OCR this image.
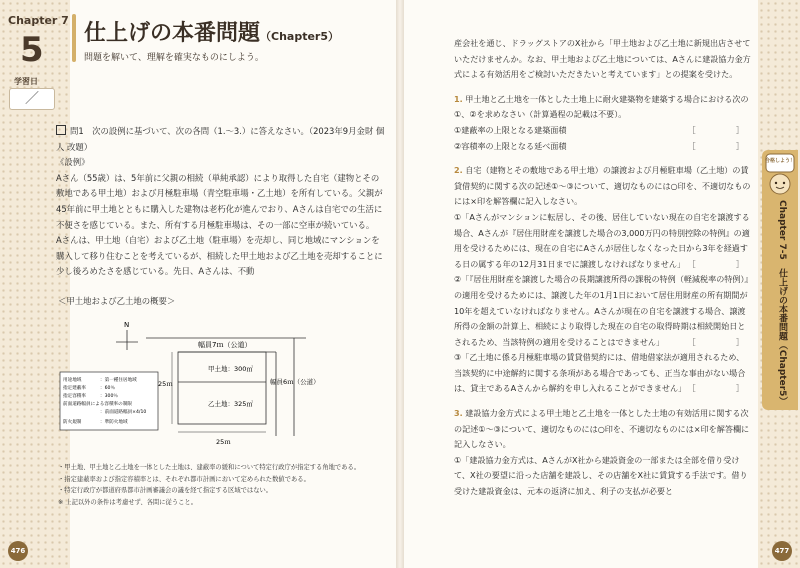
Chapter 7
5
学習日
／
仕上げの本番問題（Chapter5）
問題を解いて、理解を確実なものにしよう。

問1　次の設例に基づいて、次の各問（1.〜3.）に答えなさい。（2023年9月金財 個人 改題）

《設例》

Aさん（55歳）は、5年前に父親の相続（単純承認）により取得した自宅（建物とその敷地である甲土地）および月極駐車場（青空駐車場・乙土地）を所有している。父親が45年前に甲土地とともに購入した建物は老朽化が進んでおり、Aさんは自宅での生活に不便さを感じている。また、所有する月極駐車場は、その一部に空車が続いている。

Aさんは、甲土地（自宅）および乙土地（駐車場）を売却し、同じ地域にマンションを購入して移り住むことを考えているが、相続した甲土地および乙土地を売却することに少し後ろめたさを感じている。先日、Aさんは、不動

＜甲土地および乙土地の概要＞
N
幅員7ｍ（公道）
幅員6ｍ（公道）
甲土地：300㎡
乙土地：325㎡
25ｍ
25ｍ
用途地域	：第一種住居地域
指定建蔽率	：60％
指定容積率	：300％
前面道路幅員による容積率の制限
：前面道路幅員×4/10
防火規制	：準防火地域

・甲土地、甲土地と乙土地を一体とした土地は、建蔽率の緩和について特定行政庁が指定する角地である。

・指定建蔽率および指定容積率とは、それぞれ都市計画において定められた数値である。

・特定行政庁が都道府県都市計画審議会の議を経て指定する区域ではない。

※ 上記以外の条件は考慮せず、各問に従うこと。

476

産会社を通じ、ドラッグストアのX社から「甲土地および乙土地に新規出店させていただけませんか。なお、甲土地および乙土地については、Aさんに建設協力金方式による有効活用をご検討いただきたいと考えています」との提案を受けた。

1. 甲土地と乙土地を一体とした土地上に耐火建築物を建築する場合における次の①、②を求めなさい（計算過程の記載は不要）。

①建蔽率の上限となる建築面積	［　　］

②容積率の上限となる延べ面積	［　　］

2. 自宅（建物とその敷地である甲土地）の譲渡および月極駐車場（乙土地）の賃貸借契約に関する次の記述①〜③について、適切なものには○印を、不適切なものには×印を解答欄に記入しなさい。

①「Aさんがマンションに転居し、その後、居住していない現在の自宅を譲渡する場合、Aさんが『居住用財産を譲渡した場合の3,000万円の特別控除の特例』の適用を受けるためには、現在の自宅にAさんが居住しなくなった日から3年を経過する日の属する年の12月31日までに譲渡しなければなりません」 ［　　］

②「『居住用財産を譲渡した場合の長期譲渡所得の課税の特例（軽減税率の特例）』の適用を受けるためには、譲渡した年の1月1日において居住用財産の所有期間が10年を超えていなければなりません。Aさんが現在の自宅を譲渡する場合、譲渡所得の金額の計算上、相続により取得した現在の自宅の取得時期は相続開始日とされるため、当該特例の適用を受けることはできません」	［　　］

③「乙土地に係る月極駐車場の賃貸借契約には、借地借家法が適用されるため、当該契約に中途解約に関する条項がある場合であっても、正当な事由がない場合は、貸主であるAさんから解約を申し入れることができません」 ［　　］

3. 建設協力金方式による甲土地と乙土地を一体とした土地の有効活用に関する次の記述①〜③について、適切なものには○印を、不適切なものには×印を解答欄に記入しなさい。

①「建設協力金方式は、AさんがX社から建設資金の一部または全部を借り受けて、X社の要望に沿った店舗を建設し、その店舗をX社に賃貸する手法です。借り受けた建設資金は、元本の返済に加え、利子の支払が必要と

合格しよう！
Chapter 7-5　仕上げの本番問題（Chapter5）
477
